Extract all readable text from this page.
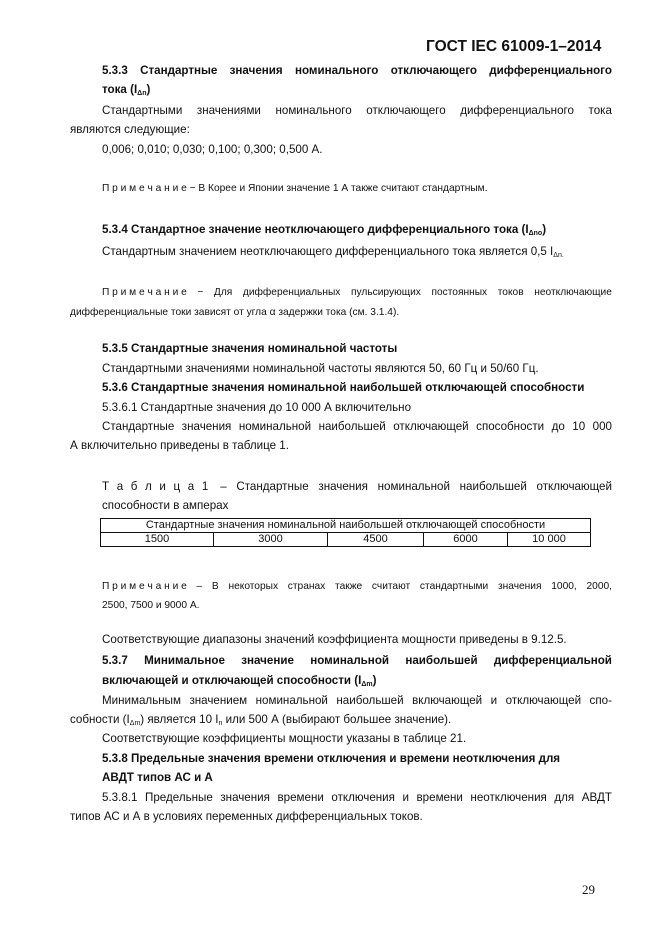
ГОСТ IEC 61009-1–2014
5.3.3 Стандартные значения номинального отключающего дифференциального
тока $(I_{\Delta n})$
Стандартными значениями номинального отключающего дифференциального тока
являются следующие:
0,006; 0,010; 0,030; 0,100; 0,300; 0,500 А.
П р и м е ч а н и е − В Корее и Японии значение 1 А также считают стандартным.
5.3.4 Стандартное значение неотключающего дифференциального тока $(I_{\Delta no})$
Стандартным значением неотключающего дифференциального тока является 0,5 $I_{\Delta n.}$
П р и м е ч а н и е − Для дифференциальных пульсирующих постоянных токов неотключающие
дифференциальные токи зависят от угла α задержки тока (см. 3.1.4).
5.3.5 Стандартные значения номинальной частоты
Стандартными значениями номинальной частоты являются 50, 60 Гц и 50/60 Гц.
5.3.6 Стандартные значения номинальной наибольшей отключающей способности
5.3.6.1 Стандартные значения до 10 000 А включительно
Стандартные значения номинальной наибольшей отключающей способности до 10 000
А включительно приведены в таблице 1.
Т а б л и ц а 1 – Стандартные значения номинальной наибольшей отключающей
способности в амперах
Стандартные значения номинальной наибольшей отключающей способности
1500	3000	4500	6000	10 000
П р и м е ч а н и е – В некоторых странах также считают стандартными значения 1000, 2000,
2500, 7500 и 9000 А.
Соответствующие диапазоны значений коэффициента мощности приведены в 9.12.5.
5.3.7 Минимальное значение номинальной наибольшей дифференциальной
включающей и отключающей способности $(I_{\Delta m})$
Минимальным значением номинальной наибольшей включающей и отключающей спо-
собности $(I_{\Delta m})$ является 10 $I_n$ или 500 А (выбирают большее значение).
Соответствующие коэффициенты мощности указаны в таблице 21.
5.3.8 Предельные значения времени отключения и времени неотключения для
АВДТ типов АС и А
5.3.8.1 Предельные значения времени отключения и времени неотключения для АВДТ
типов АС и А в условиях переменных дифференциальных токов.
29
